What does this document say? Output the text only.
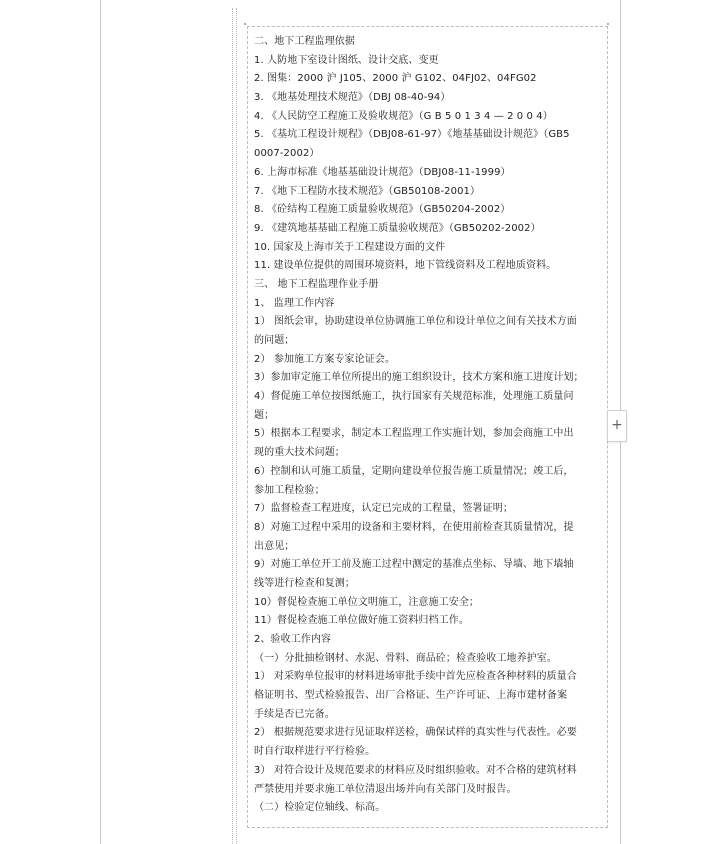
二、地下工程监理依据
1. 人防地下室设计图纸、设计交底、变更
2. 图集：2000 沪 J105、2000 沪 G102、04FJ02、04FG02
3. 《地基处理技术规范》（DBJ 08-40-94）
4. 《人民防空工程施工及验收规范》（G B 5 0 1 3 4 — 2 0 0 4）
5. 《基坑工程设计规程》（DBJ08-61-97）《地基基础设计规范》（GB5
0007-2002）
6. 上海市标准《地基基础设计规范》（DBJ08-11-1999）
7. 《地下工程防水技术规范》（GB50108-2001）
8. 《砼结构工程施工质量验收规范》（GB50204-2002）
9. 《建筑地基基础工程施工质量验收规范》（GB50202-2002）
10. 国家及上海市关于工程建设方面的文件
11. 建设单位提供的周围环境资料，地下管线资料及工程地质资料。
三、 地下工程监理作业手册
1、 监理工作内容
1） 图纸会审，协助建设单位协调施工单位和设计单位之间有关技术方面
的问题；
2） 参加施工方案专家论证会。
3）参加审定施工单位所提出的施工组织设计，技术方案和施工进度计划；
4）督促施工单位按图纸施工，执行国家有关规范标准，处理施工质量问
题；
5）根据本工程要求，制定本工程监理工作实施计划，参加会商施工中出
现的重大技术问题；
6）控制和认可施工质量，定期向建设单位报告施工质量情况；竣工后，
参加工程检验；
7）监督检查工程进度，认定已完成的工程量，签署证明；
8）对施工过程中采用的设备和主要材料，在使用前检查其质量情况，提
出意见；
9）对施工单位开工前及施工过程中测定的基准点坐标、导墙、地下墙轴
线等进行检查和复测；
10）督促检查施工单位文明施工，注意施工安全；
11）督促检查施工单位做好施工资料归档工作。
2、验收工作内容
（一）分批抽检钢材、水泥、骨料、商品砼；检查验收工地养护室。
1） 对采购单位报审的材料进场审批手续中首先应检查各种材料的质量合
格证明书、型式检验报告、出厂合格证、生产许可证、上海市建材备案
手续是否已完备。
2） 根据规范要求进行见证取样送检，确保试样的真实性与代表性。必要
时自行取样进行平行检验。
3） 对符合设计及规范要求的材料应及时组织验收。对不合格的建筑材料
严禁使用并要求施工单位清退出场并向有关部门及时报告。
（二）检验定位轴线、标高。
+
